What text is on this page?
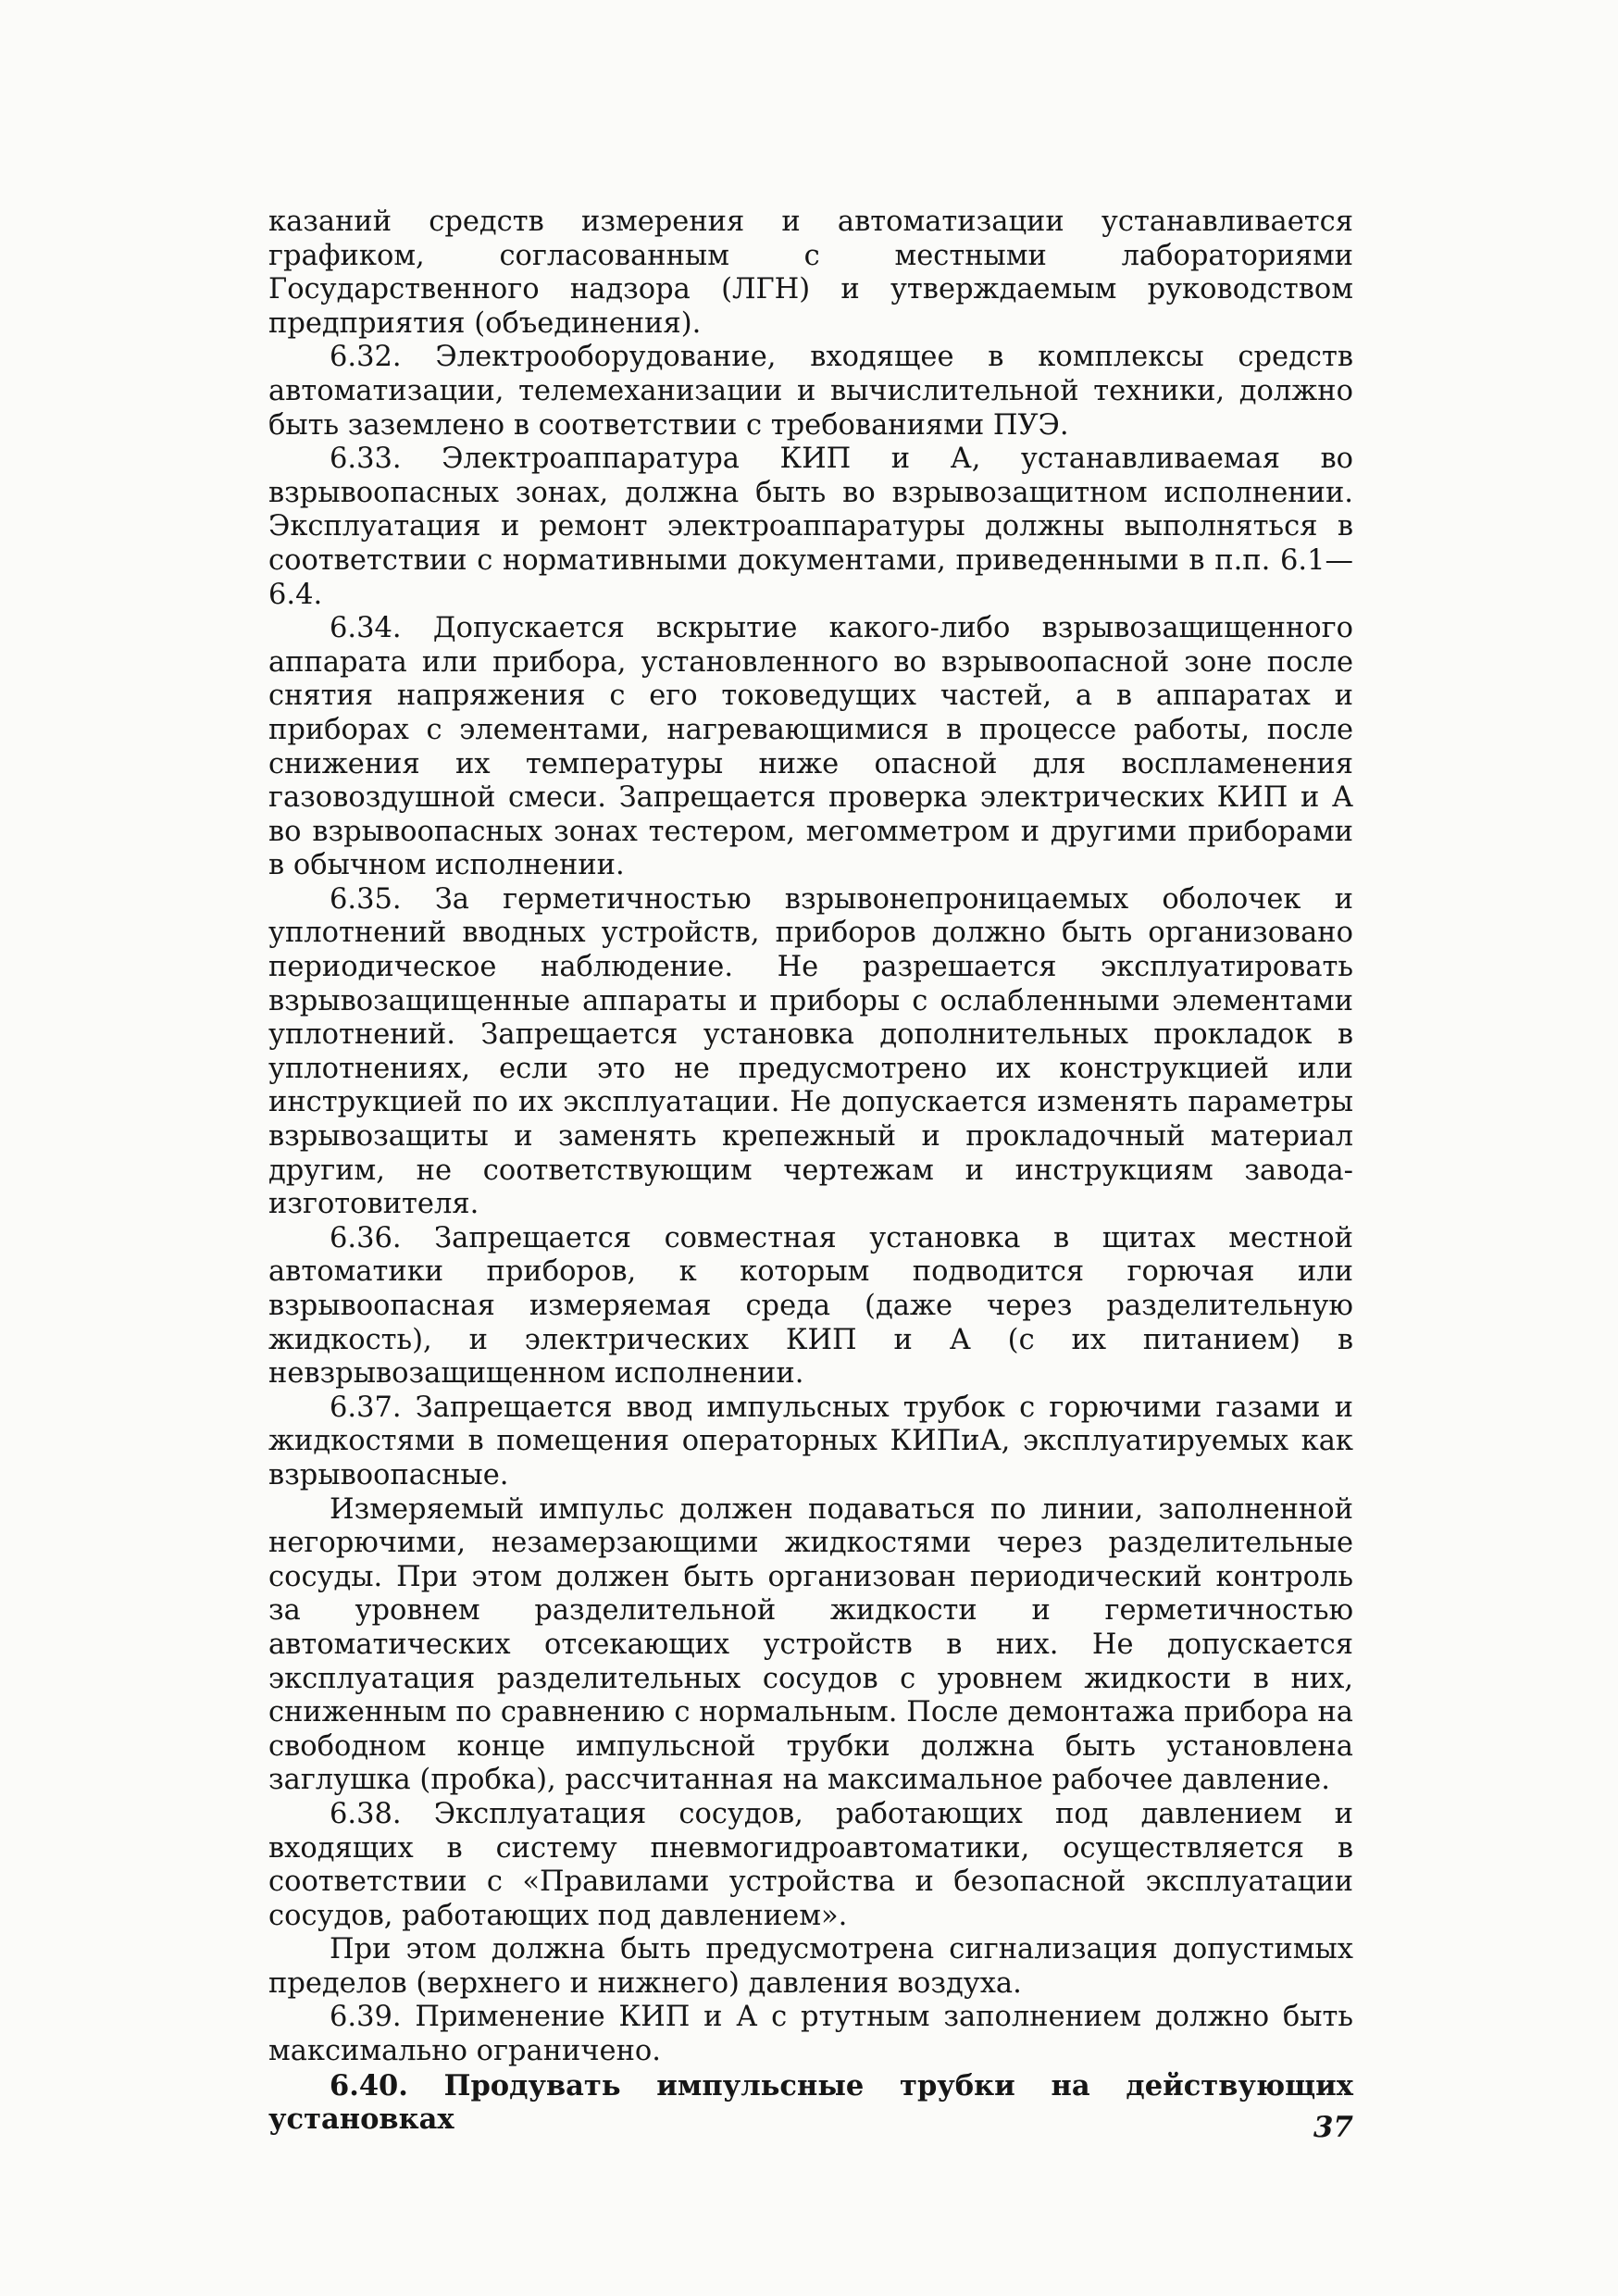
казаний средств измерения и автоматизации устанавливается графиком, согласованным с местными лабораториями Государственного надзора (ЛГН) и утверждаемым руководством предприятия (объединения).

6.32. Электрооборудование, входящее в комплексы средств автоматизации, телемеханизации и вычислительной техники, должно быть заземлено в соответствии с требованиями ПУЭ.

6.33. Электроаппаратура КИП и А, устанавливаемая во взрывоопасных зонах, должна быть во взрывозащитном исполнении. Эксплуатация и ремонт электроаппаратуры должны выполняться в соответствии с нормативными документами, приведенными в п.п. 6.1—6.4.

6.34. Допускается вскрытие какого-либо взрывозащищенного аппарата или прибора, установленного во взрывоопасной зоне после снятия напряжения с его токоведущих частей, а в аппаратах и приборах с элементами, нагревающимися в процессе работы, после снижения их температуры ниже опасной для воспламенения газовоздушной смеси. Запрещается проверка электрических КИП и А во взрывоопасных зонах тестером, мегомметром и другими приборами в обычном исполнении.

6.35. За герметичностью взрывонепроницаемых оболочек и уплотнений вводных устройств, приборов должно быть организовано периодическое наблюдение. Не разрешается эксплуатировать взрывозащищенные аппараты и приборы с ослабленными элементами уплотнений. Запрещается установка дополнительных прокладок в уплотнениях, если это не предусмотрено их конструкцией или инструкцией по их эксплуатации. Не допускается изменять параметры взрывозащиты и заменять крепежный и прокладочный материал другим, не соответствующим чертежам и инструкциям завода-изготовителя.

6.36. Запрещается совместная установка в щитах местной автоматики приборов, к которым подводится горючая или взрывоопасная измеряемая среда (даже через разделительную жидкость), и электрических КИП и А (с их питанием) в невзрывозащищенном исполнении.

6.37. Запрещается ввод импульсных трубок с горючими газами и жидкостями в помещения операторных КИПиА, эксплуатируемых как взрывоопасные.

Измеряемый импульс должен подаваться по линии, заполненной негорючими, незамерзающими жидкостями через разделительные сосуды. При этом должен быть организован периодический контроль за уровнем разделительной жидкости и герметичностью автоматических отсекающих устройств в них. Не допускается эксплуатация разделительных сосудов с уровнем жидкости в них, сниженным по сравнению с нормальным. После демонтажа прибора на свободном конце импульсной трубки должна быть установлена заглушка (пробка), рассчитанная на максимальное рабочее давление.

6.38. Эксплуатация сосудов, работающих под давлением и входящих в систему пневмогидроавтоматики, осуществляется в соответствии с «Правилами устройства и безопасной эксплуатации сосудов, работающих под давлением».

При этом должна быть предусмотрена сигнализация допустимых пределов (верхнего и нижнего) давления воздуха.

6.39. Применение КИП и А с ртутным заполнением должно быть максимально ограничено.

6.40. Продувать импульсные трубки на действующих установках	37
